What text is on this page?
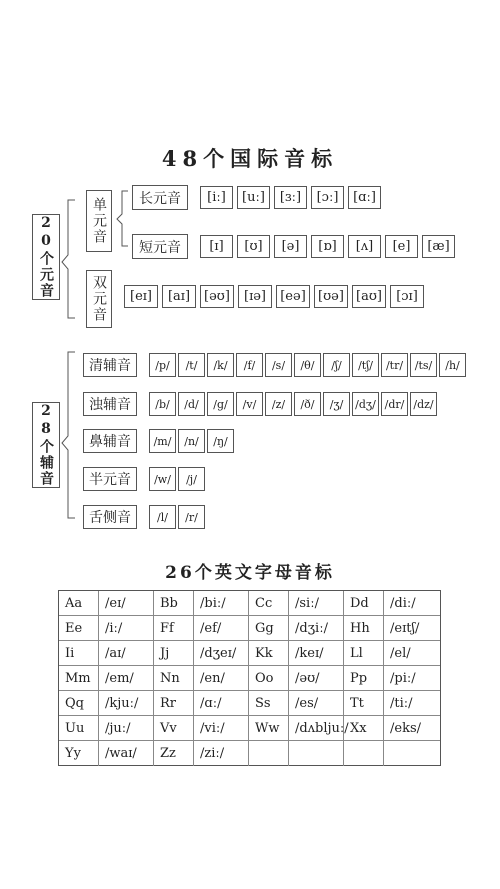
48个国际音标
20个元音	单元音
双元音
长元音
短元音
[iː]	[uː]	[ɜː]	[ɔː]	[ɑː]
[ɪ]	[ʊ]	[ə]	[ɒ]	[ʌ]	[e]	[æ]
[eɪ]	[aɪ]	[əʊ]	[ɪə]	[eə] [ʊə] [aʊ]	[ɔɪ]
28个辅音
清辅音	/p/	/t/	/k/	/f/	/s/	/θ/	/ʃ/	/tʃ/	/tr/	/ts/	/h/
浊辅音	/b/	/d/	/g/	/v/	/z/	/ð/	/ʒ/	/dʒ/ /dr/ /dz/
鼻辅音	/m/	/n/	/ŋ/
半元音	/w/	/j/
舌侧音	/l/	/r/
26个英文字母音标
Aa	/eɪ/	Bb	/biː/	Cc	/siː/	Dd	/diː/
Ee	/iː/	Ff	/ef/	Gg	/dʒiː/	Hh	/eɪtʃ/
Ii	/aɪ/	Jj	/dʒeɪ/	Kk	/keɪ/	Ll	/el/
Mm	/em/	Nn	/en/	Oo	/əʊ/	Pp	/piː/
Qq	/kjuː/	Rr	/ɑː/	Ss	/es/	Tt	/tiː/
Uu	/juː/	Vv	/viː/	Ww	/dʌbljuː/ Xx	/eks/
Yy	/waɪ/	Zz	/ziː/
